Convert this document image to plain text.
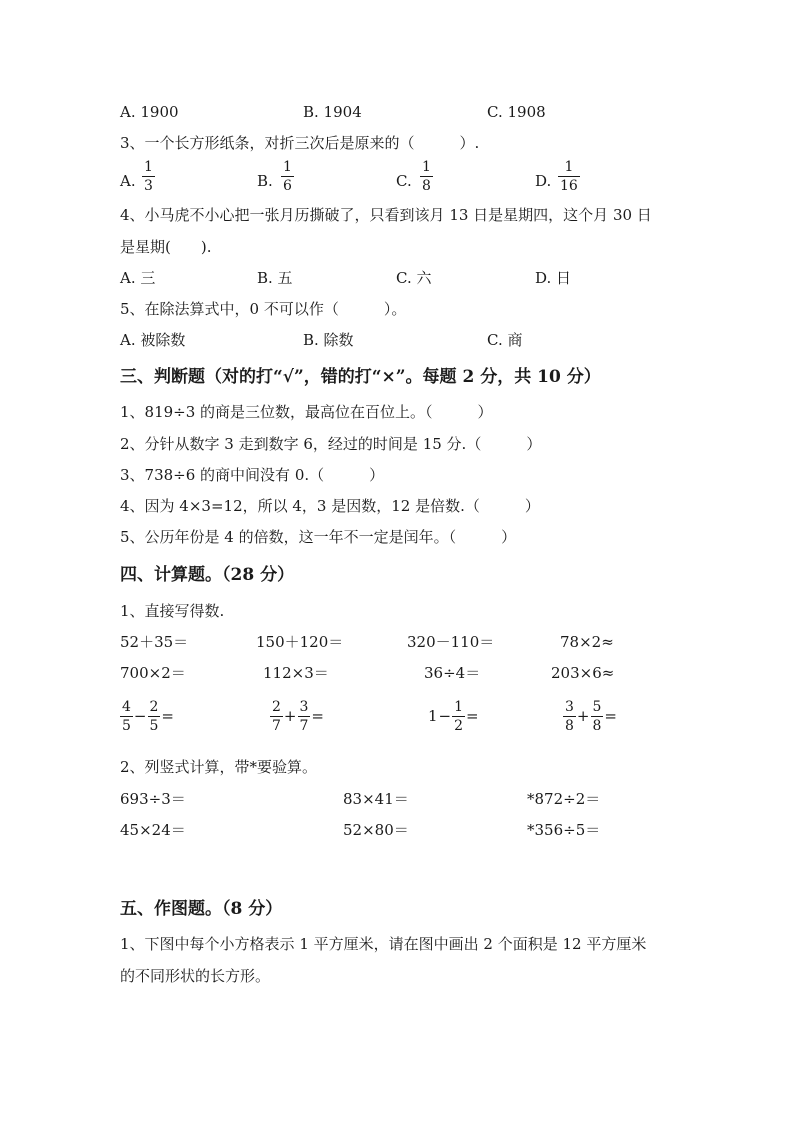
A. 1900	B. 1904	C. 1908
3、一个长方形纸条，对折三次后是原来的（　　　）.
A.
1
3	B.
1
6	C.
1
8	D.
1
16
4、小马虎不小心把一张月历撕破了，只看到该月 13 日是星期四，这个月 30 日
是星期(　　).
A. 三	B. 五	C. 六	D. 日
5、在除法算式中，0 不可以作（　　　）。
A. 被除数	B. 除数	C. 商
三、判断题（对的打“√”，错的打“×”。每题 2 分，共 10 分）
1、819÷3 的商是三位数，最高位在百位上。（　　　）
2、分针从数字 3 走到数字 6，经过的时间是 15 分.（　　　）
3、738÷6 的商中间没有 0.（　　　）
4、因为 4×3=12，所以 4，3 是因数，12 是倍数.（　　　）
5、公历年份是 4 的倍数，这一年不一定是闰年。（　　　）
四、计算题。（28 分）
1、直接写得数.
52＋35＝	150＋120＝	320－110＝	78×2≈
700×2＝	112×3＝	36÷4＝	203×6≈
$\frac{4}{5} - \frac{2}{5}$ =	$\frac{2}{7} + \frac{3}{7}$ =	$1 - \frac{1}{2}$ =	$\frac{3}{8} + \frac{5}{8}$ =
2、列竖式计算，带*要验算。
693÷3＝	83×41＝	*872÷2＝
45×24＝	52×80＝	*356÷5＝
五、作图题。（8 分）
1、下图中每个小方格表示 1 平方厘米，请在图中画出 2 个面积是 12 平方厘米
的不同形状的长方形。
